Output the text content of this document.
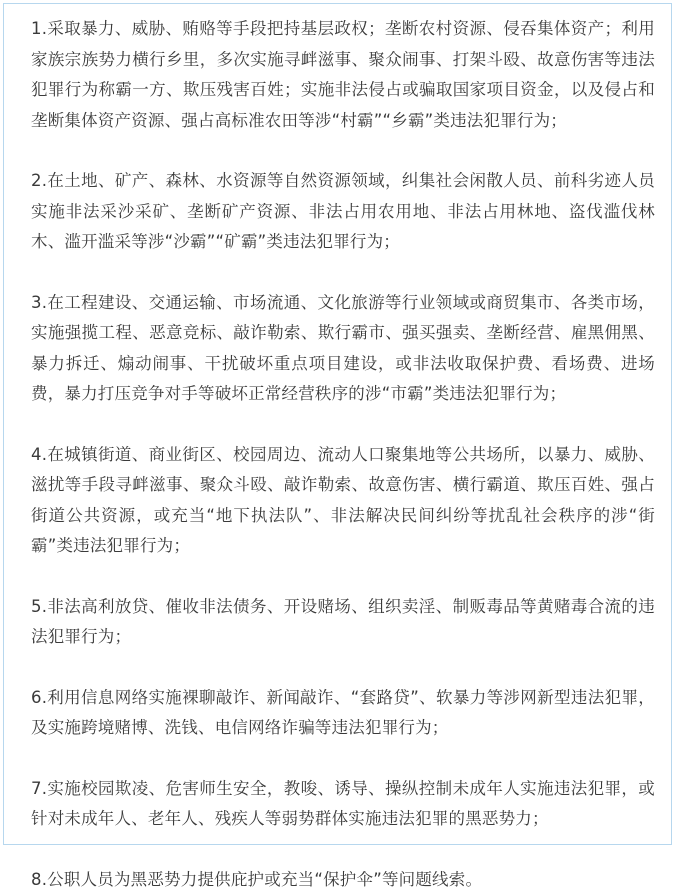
1.采取暴力、威胁、贿赂等手段把持基层政权；垄断农村资源、侵吞集体资产；利用家族宗族势力横行乡里，多次实施寻衅滋事、聚众闹事、打架斗殴、故意伤害等违法犯罪行为称霸一方、欺压残害百姓；实施非法侵占或骗取国家项目资金，以及侵占和垄断集体资产资源、强占高标准农田等涉“村霸”“乡霸”类违法犯罪行为；

2.在土地、矿产、森林、水资源等自然资源领域，纠集社会闲散人员、前科劣迹人员实施非法采沙采矿、垄断矿产资源、非法占用农用地、非法占用林地、盗伐滥伐林木、滥开滥采等涉“沙霸”“矿霸”类违法犯罪行为；

3.在工程建设、交通运输、市场流通、文化旅游等行业领域或商贸集市、各类市场，实施强揽工程、恶意竞标、敲诈勒索、欺行霸市、强买强卖、垄断经营、雇黑佣黑、暴力拆迁、煽动闹事、干扰破坏重点项目建设，或非法收取保护费、看场费、进场费，暴力打压竞争对手等破坏正常经营秩序的涉“市霸”类违法犯罪行为；

4.在城镇街道、商业街区、校园周边、流动人口聚集地等公共场所，以暴力、威胁、滋扰等手段寻衅滋事、聚众斗殴、敲诈勒索、故意伤害、横行霸道、欺压百姓、强占街道公共资源，或充当“地下执法队”、非法解决民间纠纷等扰乱社会秩序的涉“街霸”类违法犯罪行为；

5.非法高利放贷、催收非法债务、开设赌场、组织卖淫、制贩毒品等黄赌毒合流的违法犯罪行为；

6.利用信息网络实施裸聊敲诈、新闻敲诈、“套路贷”、软暴力等涉网新型违法犯罪，及实施跨境赌博、洗钱、电信网络诈骗等违法犯罪行为；

7.实施校园欺凌、危害师生安全，教唆、诱导、操纵控制未成年人实施违法犯罪，或针对未成年人、老年人、残疾人等弱势群体实施违法犯罪的黑恶势力；

8.公职人员为黑恶势力提供庇护或充当“保护伞”等问题线索。
